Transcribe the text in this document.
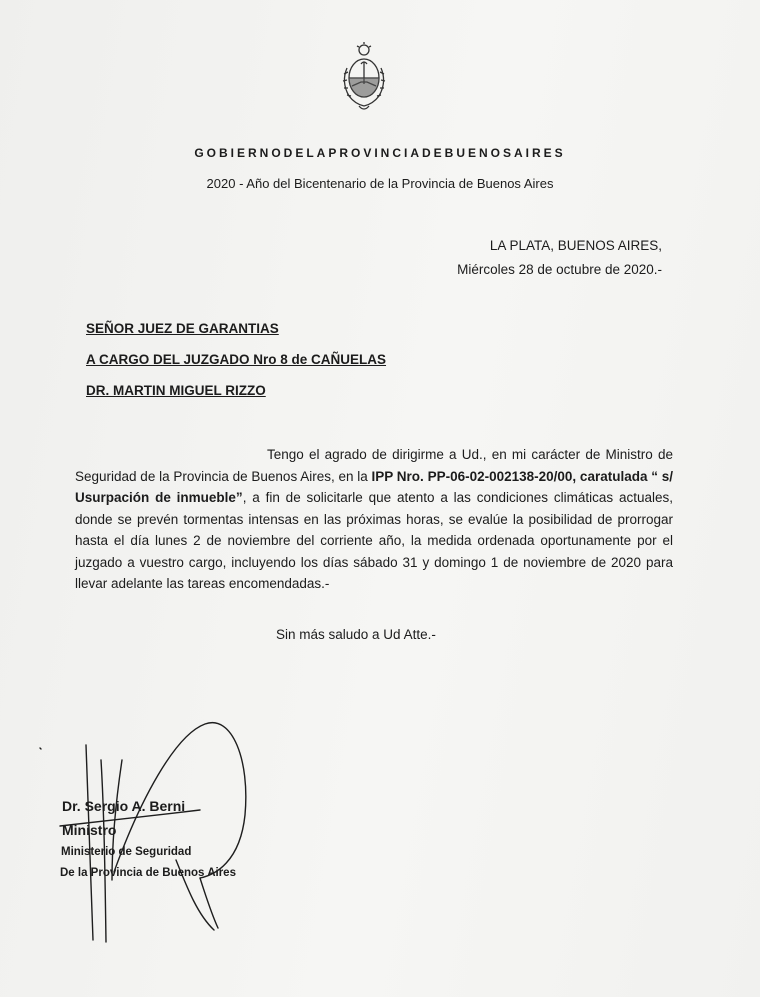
GOBIERNODELAPROVINCIADEBUENOSAIRES
2020 - Año del Bicentenario de la Provincia de Buenos Aires
LA PLATA, BUENOS AIRES,
Miércoles 28 de octubre de 2020.-
SEÑOR JUEZ DE GARANTIAS
A CARGO DEL JUZGADO Nro 8 de CAÑUELAS
DR. MARTIN MIGUEL RIZZO

Tengo el agrado de dirigirme a Ud., en mi carácter de Ministro de Seguridad de la Provincia de Buenos Aires, en la IPP Nro. PP-06-02-002138-20/00, caratulada “ s/ Usurpación de inmueble”, a fin de solicitarle que atento a las condiciones climáticas actuales, donde se prevén tormentas intensas en las próximas horas, se evalúe la posibilidad de prorrogar hasta el día lunes 2 de noviembre del corriente año, la medida ordenada oportunamente por el juzgado a vuestro cargo, incluyendo los días sábado 31 y domingo 1 de noviembre de 2020 para llevar adelante las tareas encomendadas.-

Sin más saludo a Ud Atte.-
Dr. Sergio A. Berni
Ministro
Ministerio de Seguridad
De la Provincia de Buenos Aires
